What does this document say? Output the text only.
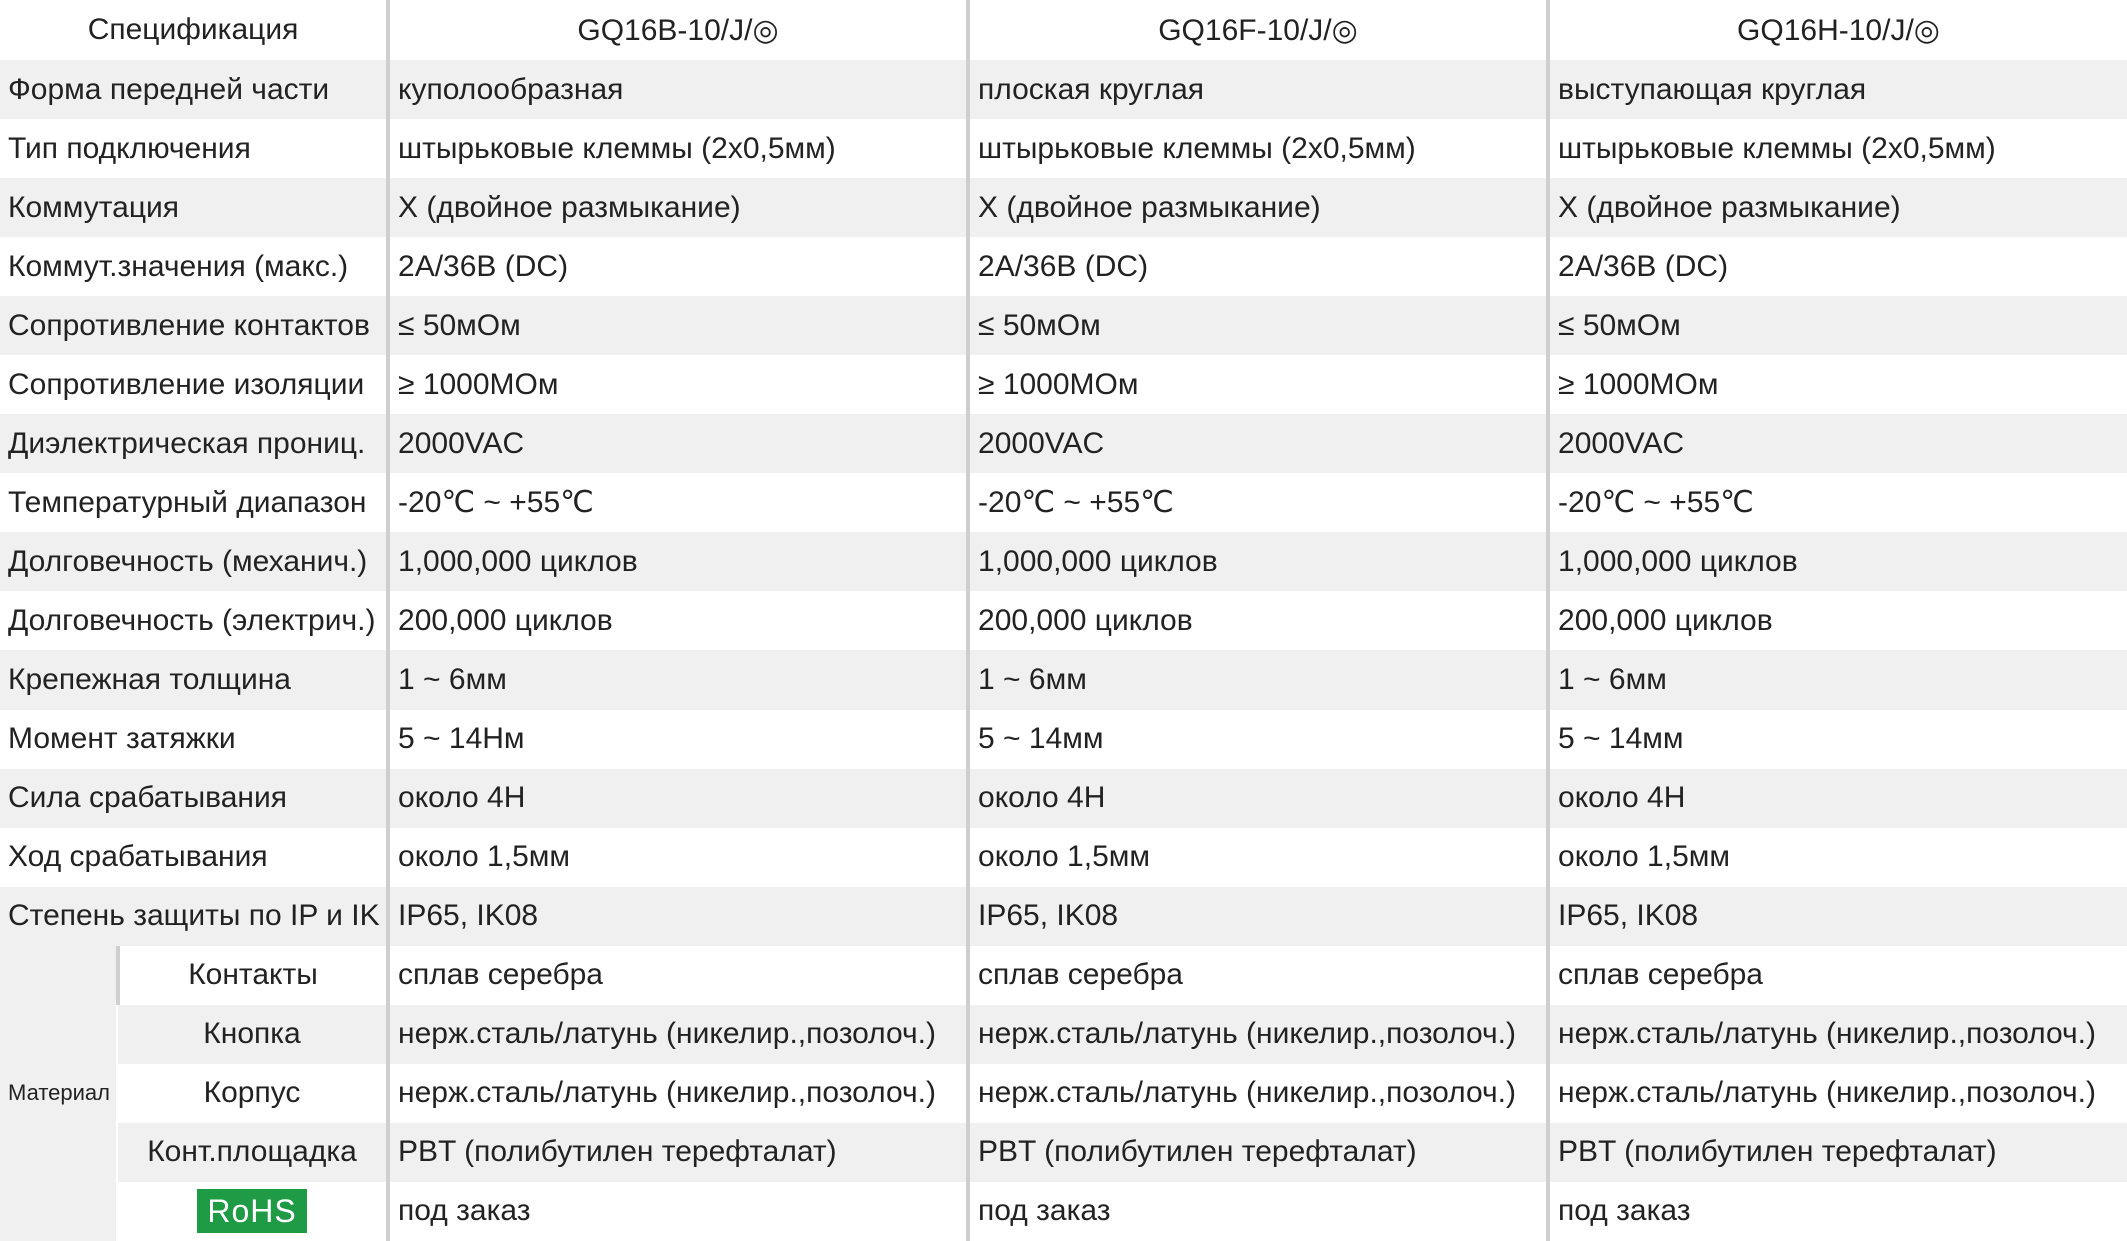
Спецификация		GQ16B-10/J/◎	GQ16F-10/J/◎	GQ16H-10/J/◎
Форма передней части		куполообразная	плоская круглая	выступающая круглая
Тип подключения		штырьковые клеммы (2x0,5мм)	штырьковые клеммы (2x0,5мм)	штырьковые клеммы (2x0,5мм)
Коммутация		X (двойное размыкание)	X (двойное размыкание)	X (двойное размыкание)
Коммут.значения (макс.)		2A/36B (DC)	2A/36B (DC)	2A/36B (DC)
Сопротивление контактов		≤ 50мОм	≤ 50мОм	≤ 50мОм
Сопротивление изоляции		≥ 1000МОм	≥ 1000МОм	≥ 1000МОм
Диэлектрическая прониц.		2000VAC	2000VAC	2000VAC
Температурный диапазон		-20℃ ~ +55℃	-20℃ ~ +55℃	-20℃ ~ +55℃
Долговечность (механич.)		1,000,000 циклов	1,000,000 циклов	1,000,000 циклов
Долговечность (электрич.)		200,000 циклов	200,000 циклов	200,000 циклов
Крепежная толщина		1 ~ 6мм	1 ~ 6мм	1 ~ 6мм
Момент затяжки		5 ~ 14Нм	5 ~ 14мм	5 ~ 14мм
Сила срабатывания		около 4Н	около 4Н	около 4Н
Ход срабатывания		около 1,5мм	около 1,5мм	около 1,5мм
Степень защиты по IP и IK		IP65, IK08	IP65, IK08	IP65, IK08
Материал	Контакты	сплав серебра	сплав серебра	сплав серебра
	Кнопка	нерж.сталь/латунь (никелир.,позолоч.)	нерж.сталь/латунь (никелир.,позолоч.)	нерж.сталь/латунь (никелир.,позолоч.)
	Корпус	нерж.сталь/латунь (никелир.,позолоч.)	нерж.сталь/латунь (никелир.,позолоч.)	нерж.сталь/латунь (никелир.,позолоч.)
	Конт.площадка	PBT (полибутилен терефталат)	PBT (полибутилен терефталат)	PBT (полибутилен терефталат)
	RoHS	под заказ	под заказ	под заказ
